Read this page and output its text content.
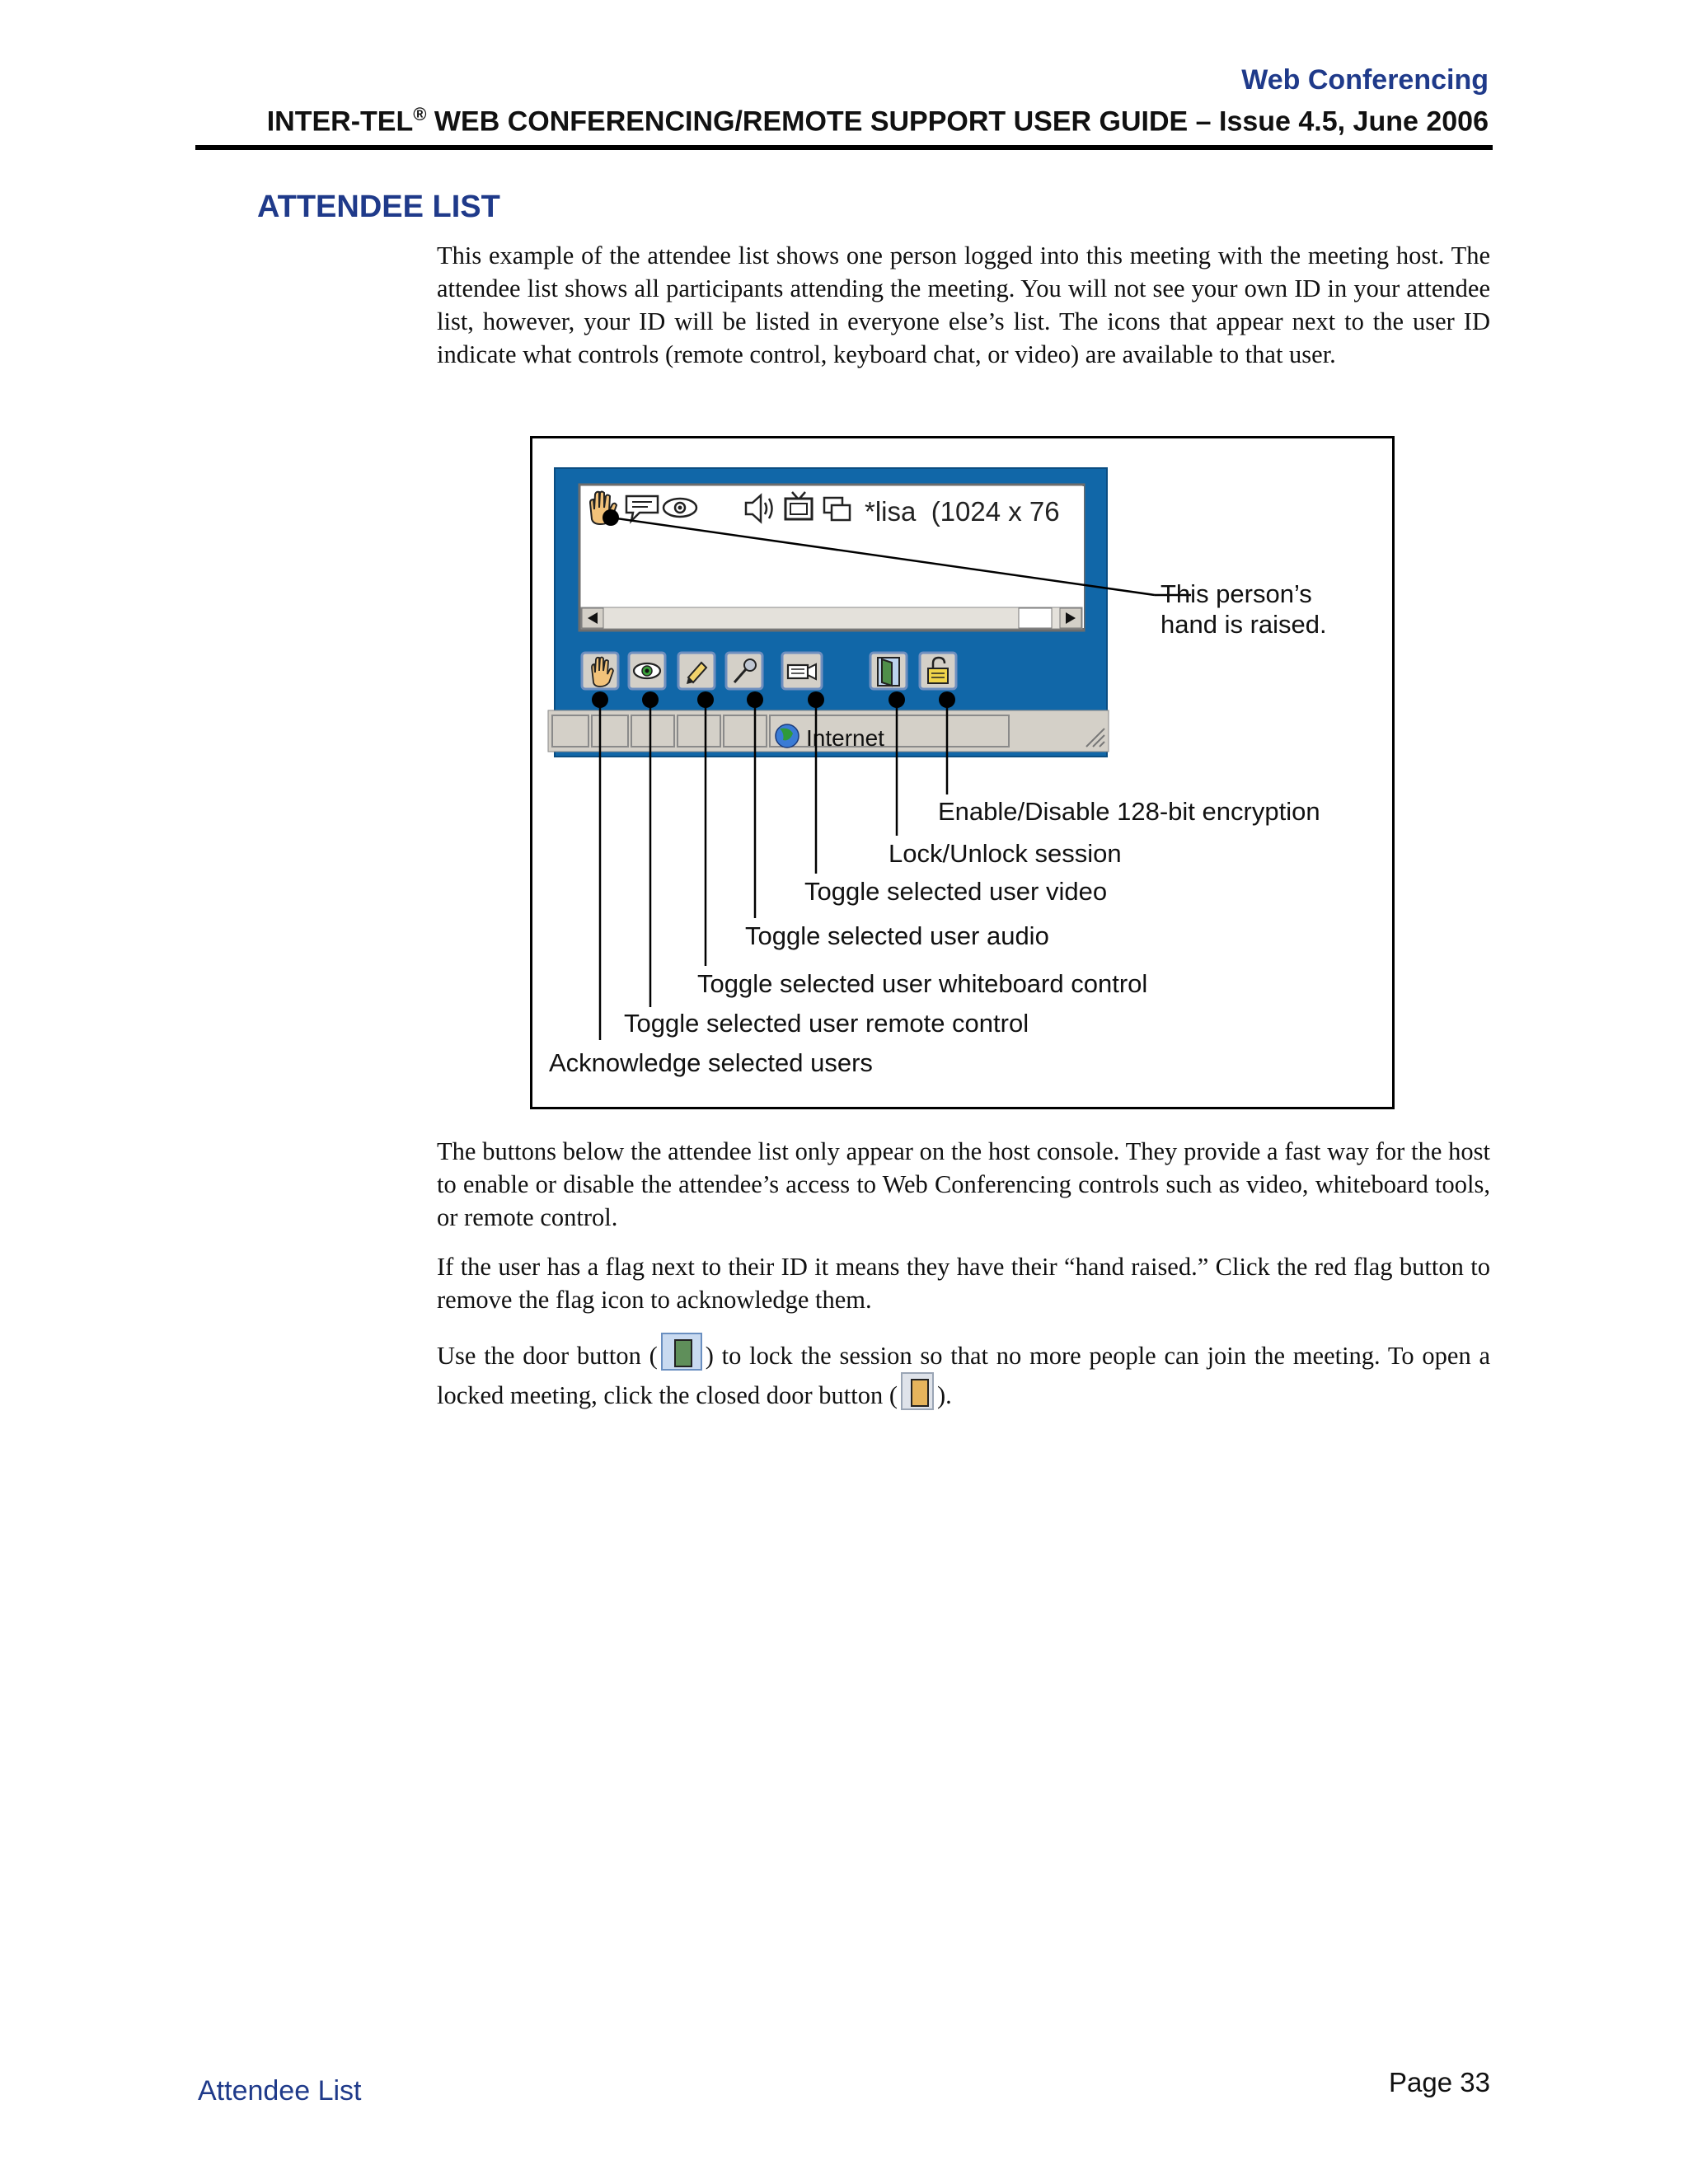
Web Conferencing
INTER-TEL® WEB CONFERENCING/REMOTE SUPPORT USER GUIDE – Issue 4.5, June 2006
ATTENDEE LIST

This example of the attendee list shows one person logged into this meeting with the meeting host. The attendee list shows all participants attending the meeting. You will not see your own ID in your attendee list, however, your ID will be listed in everyone else’s list. The icons that appear next to the user ID indicate what controls (remote control, keyboard chat, or video) are available to that user.

*lisa  (1024 x 76
Internet
This person’s
hand is raised.
Enable/Disable 128-bit encryption
Lock/Unlock session
Toggle selected user video
Toggle selected user audio
Toggle selected user whiteboard control
Toggle selected user remote control
Acknowledge selected users

The buttons below the attendee list only appear on the host console. They provide a fast way for the host to enable or disable the attendee’s access to Web Conferencing controls such as video, whiteboard tools, or remote control.

If the user has a flag next to their ID it means they have their “hand raised.” Click the red flag button to remove the flag icon to acknowledge them.

Use the door button ( ) to lock the session so that no more people can join the meeting. To open a locked meeting, click the closed door button ( ).

Attendee List	Page 33
